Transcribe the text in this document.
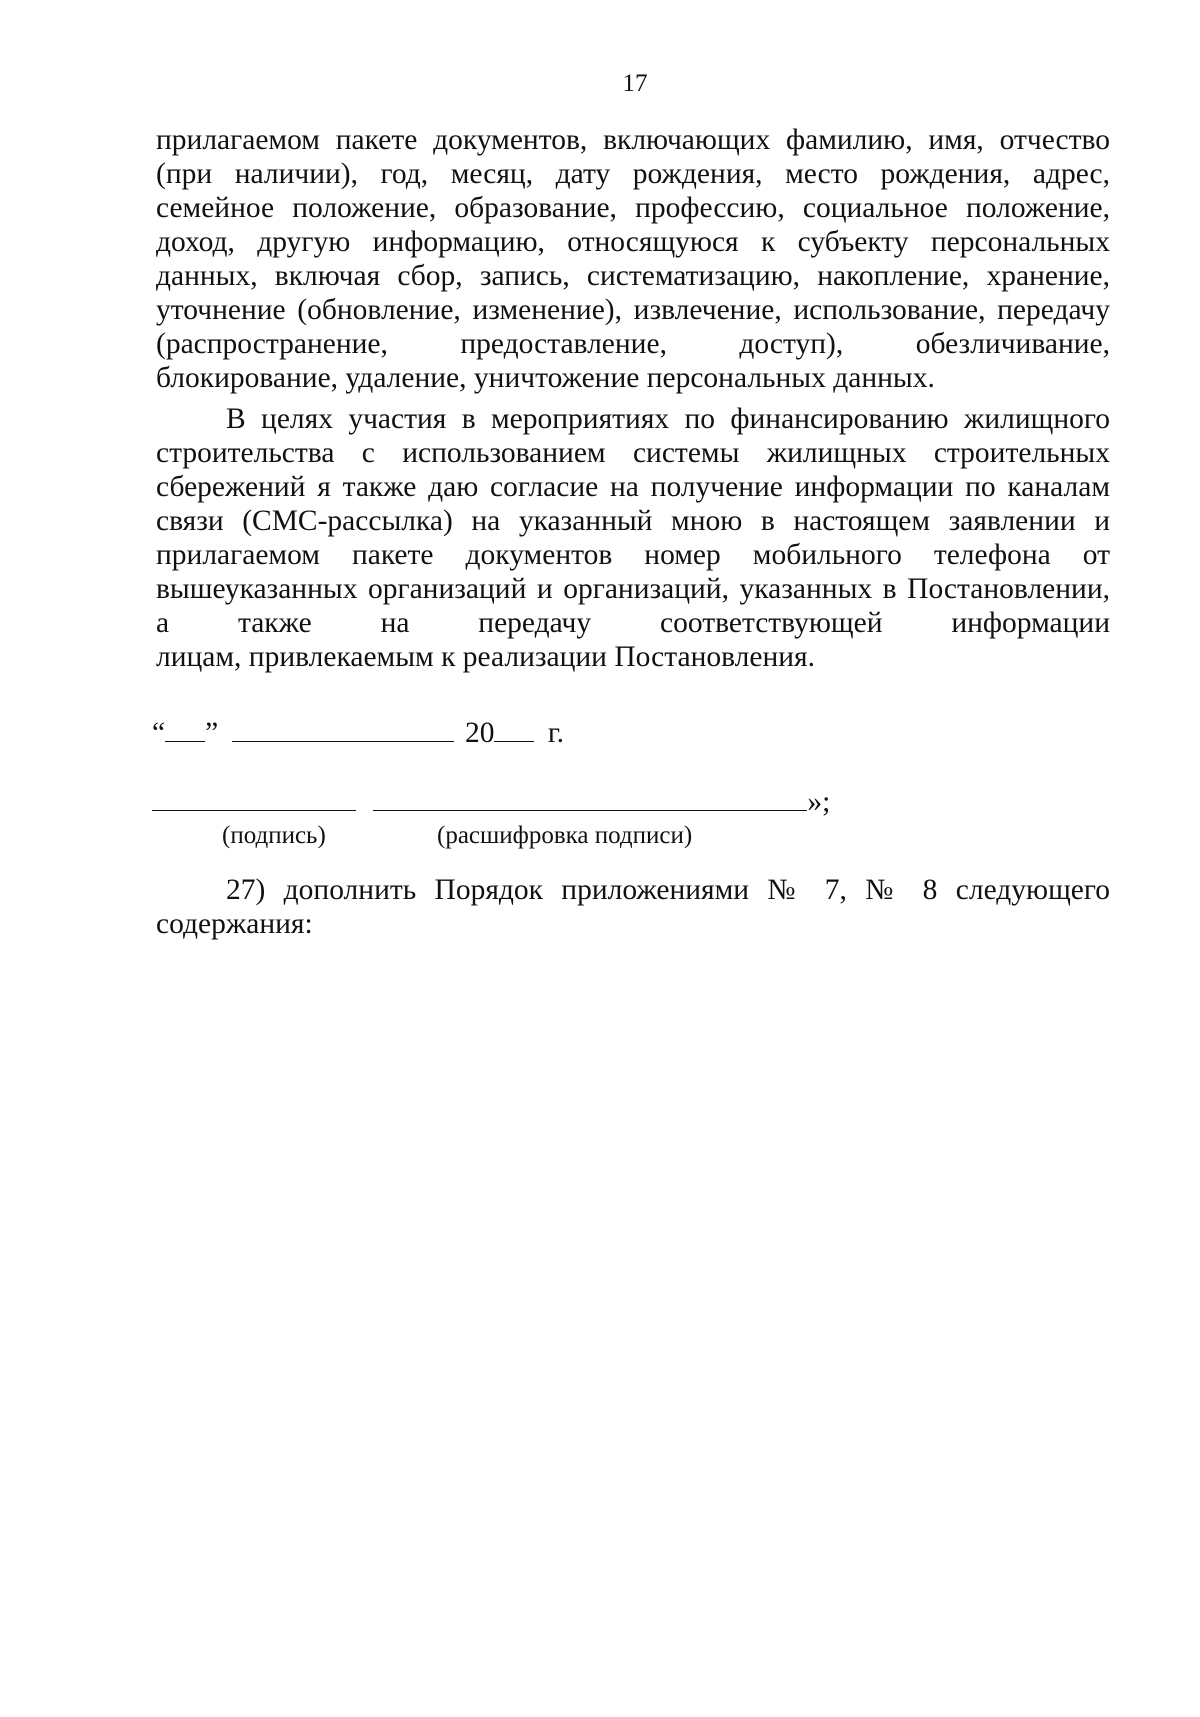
17
прилагаемом пакете документов, включающих фамилию, имя, отчество (при наличии), год, месяц, дату рождения, место рождения, адрес, семейное положение, образование, профессию, социальное положение, доход, другую информацию, относящуюся к субъекту персональных данных, включая сбор, запись, систематизацию, накопление, хранение, уточнение (обновление, изменение), извлечение, использование, передачу (распространение, предоставление, доступ), обезличивание,
блокирование, удаление, уничтожение персональных данных.
В целях участия в мероприятиях по финансированию жилищного строительства с использованием системы жилищных строительных сбережений я также даю согласие на получение информации по каналам связи (СМС-рассылка) на указанный мною в настоящем заявлении и прилагаемом пакете документов номер мобильного телефона от вышеуказанных организаций и организаций, указанных в Постановлении, а также на передачу соответствующей информации
лицам, привлекаемым к реализации Постановления.
“ ”	20 г.
»;
(подпись)	(расшифровка подписи)
27) дополнить Порядок приложениями № 7, № 8 следующего
содержания:
